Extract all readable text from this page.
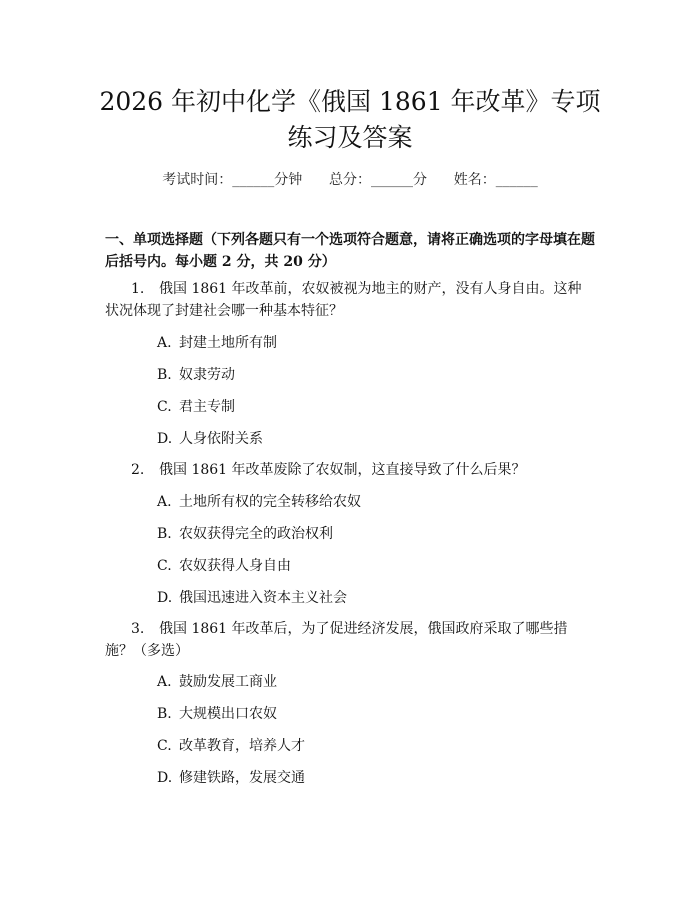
2026 年初中化学《俄国 1861 年改革》专项
练习及答案
考试时间：______分钟 总分：______分 姓名：______
一、单项选择题（下列各题只有一个选项符合题意，请将正确选项的字母填在题
后括号内。每小题 2 分，共 20 分）
1. 俄国 1861 年改革前，农奴被视为地主的财产，没有人身自由。这种状况体现了封建社会哪一种基本特征？
A. 封建土地所有制
B. 奴隶劳动
C. 君主专制
D. 人身依附关系
2. 俄国 1861 年改革废除了农奴制，这直接导致了什么后果？
A. 土地所有权的完全转移给农奴
B. 农奴获得完全的政治权利
C. 农奴获得人身自由
D. 俄国迅速进入资本主义社会
3. 俄国 1861 年改革后，为了促进经济发展，俄国政府采取了哪些措施？（多选）
A. 鼓励发展工商业
B. 大规模出口农奴
C. 改革教育，培养人才
D. 修建铁路，发展交通
